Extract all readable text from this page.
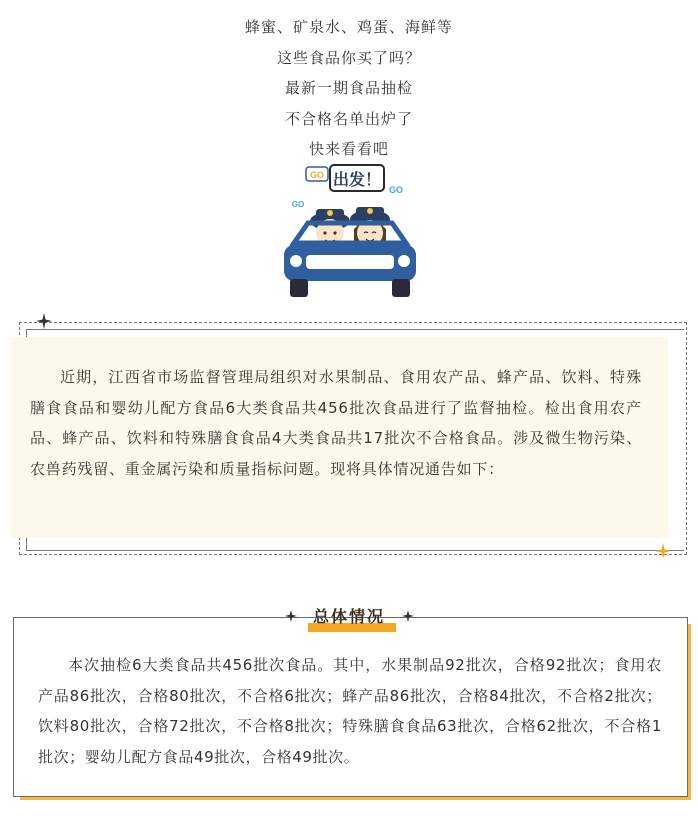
蜂蜜、矿泉水、鸡蛋、海鲜等
这些食品你买了吗？
最新一期食品抽检
不合格名单出炉了
快来看看吧
GO
GO
GO
出发！
近期，江西省市场监督管理局组织对水果制品、食用农产品、蜂产品、饮料、特殊膳食食品和婴幼儿配方食品6大类食品共456批次食品进行了监督抽检。检出食用农产品、蜂产品、饮料和特殊膳食食品4大类食品共17批次不合格食品。涉及微生物污染、农兽药残留、重金属污染和质量指标问题。现将具体情况通告如下：
总体情况
本次抽检6大类食品共456批次食品。其中，水果制品92批次，合格92批次；食用农产品86批次，合格80批次，不合格6批次；蜂产品86批次，合格84批次，不合格2批次；饮料80批次，合格72批次，不合格8批次；特殊膳食食品63批次，合格62批次，不合格1批次；婴幼儿配方食品49批次，合格49批次。
